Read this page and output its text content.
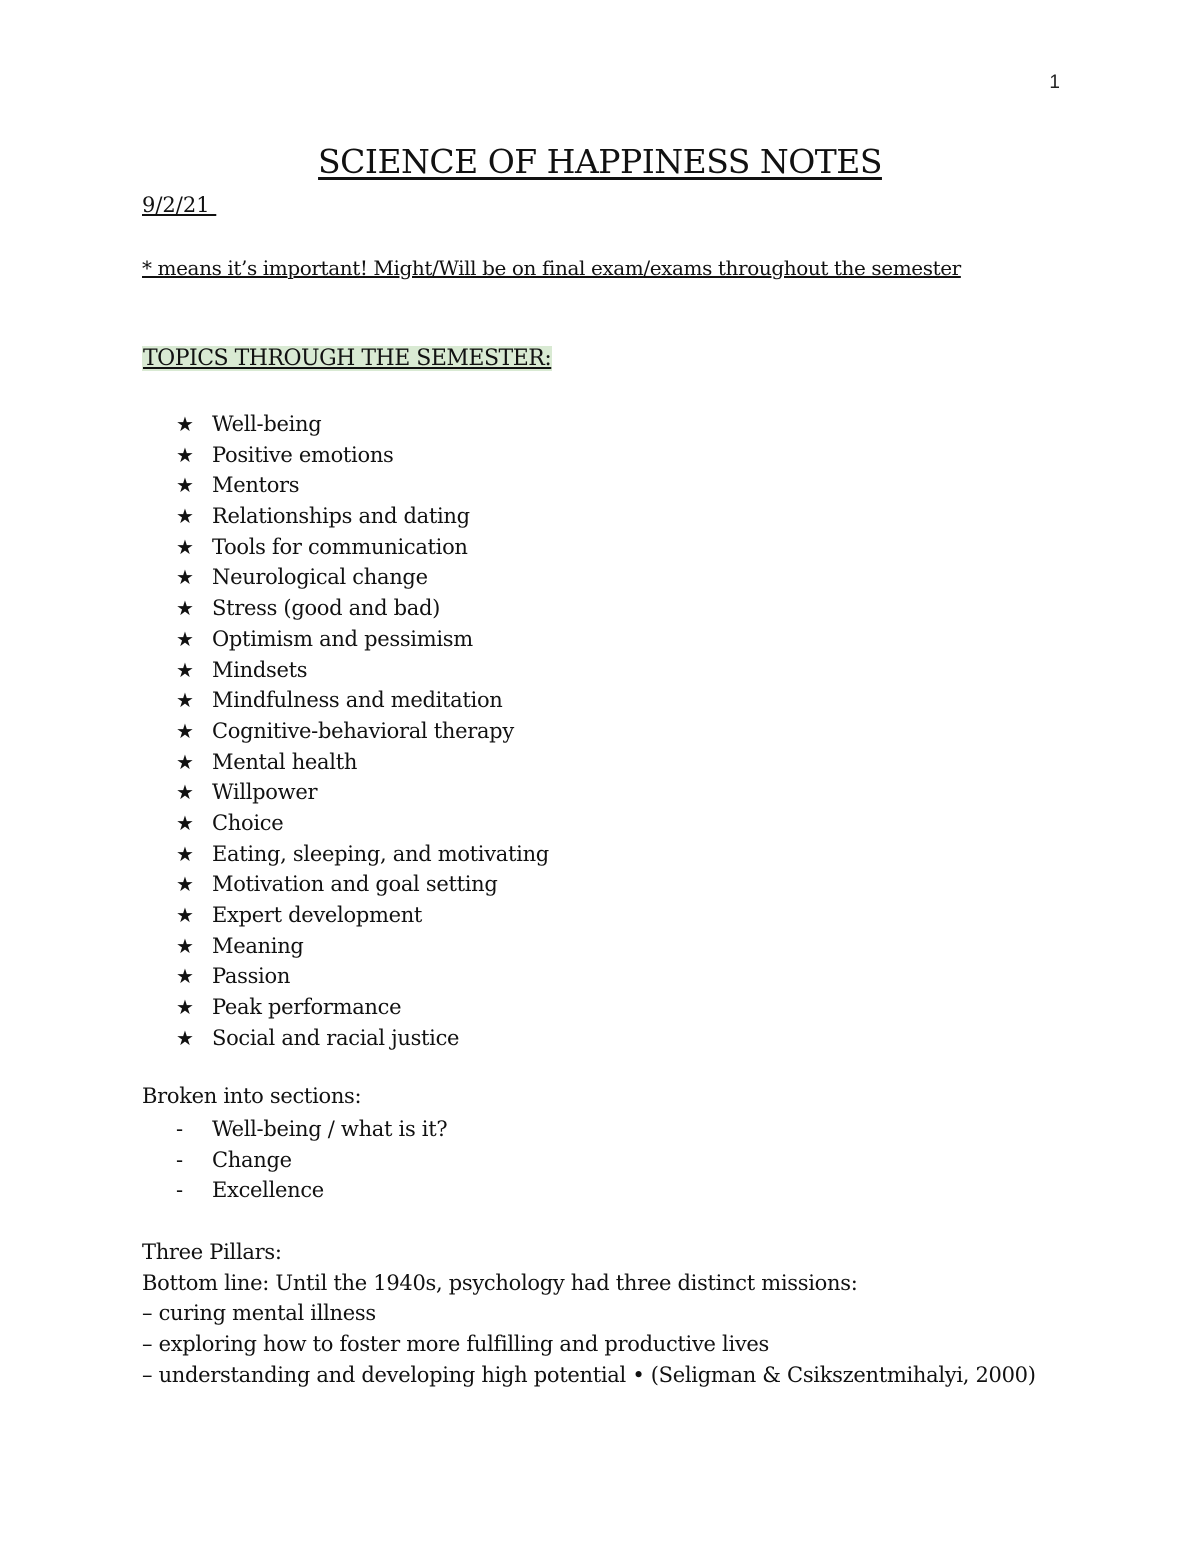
1
SCIENCE OF HAPPINESS NOTES
9/2/21
* means it’s important! Might/Will be on final exam/exams throughout the semester
TOPICS THROUGH THE SEMESTER:
★ Well-being
★ Positive emotions
★ Mentors
★ Relationships and dating
★ Tools for communication
★ Neurological change
★ Stress (good and bad)
★ Optimism and pessimism
★ Mindsets
★ Mindfulness and meditation
★ Cognitive-behavioral therapy
★ Mental health
★ Willpower
★ Choice
★ Eating, sleeping, and motivating
★ Motivation and goal setting
★ Expert development
★ Meaning
★ Passion
★ Peak performance
★ Social and racial justice
Broken into sections:
- Well-being / what is it?
- Change
- Excellence
Three Pillars:
Bottom line: Until the 1940s, psychology had three distinct missions:
– curing mental illness
– exploring how to foster more fulfilling and productive lives
– understanding and developing high potential • (Seligman & Csikszentmihalyi, 2000)
